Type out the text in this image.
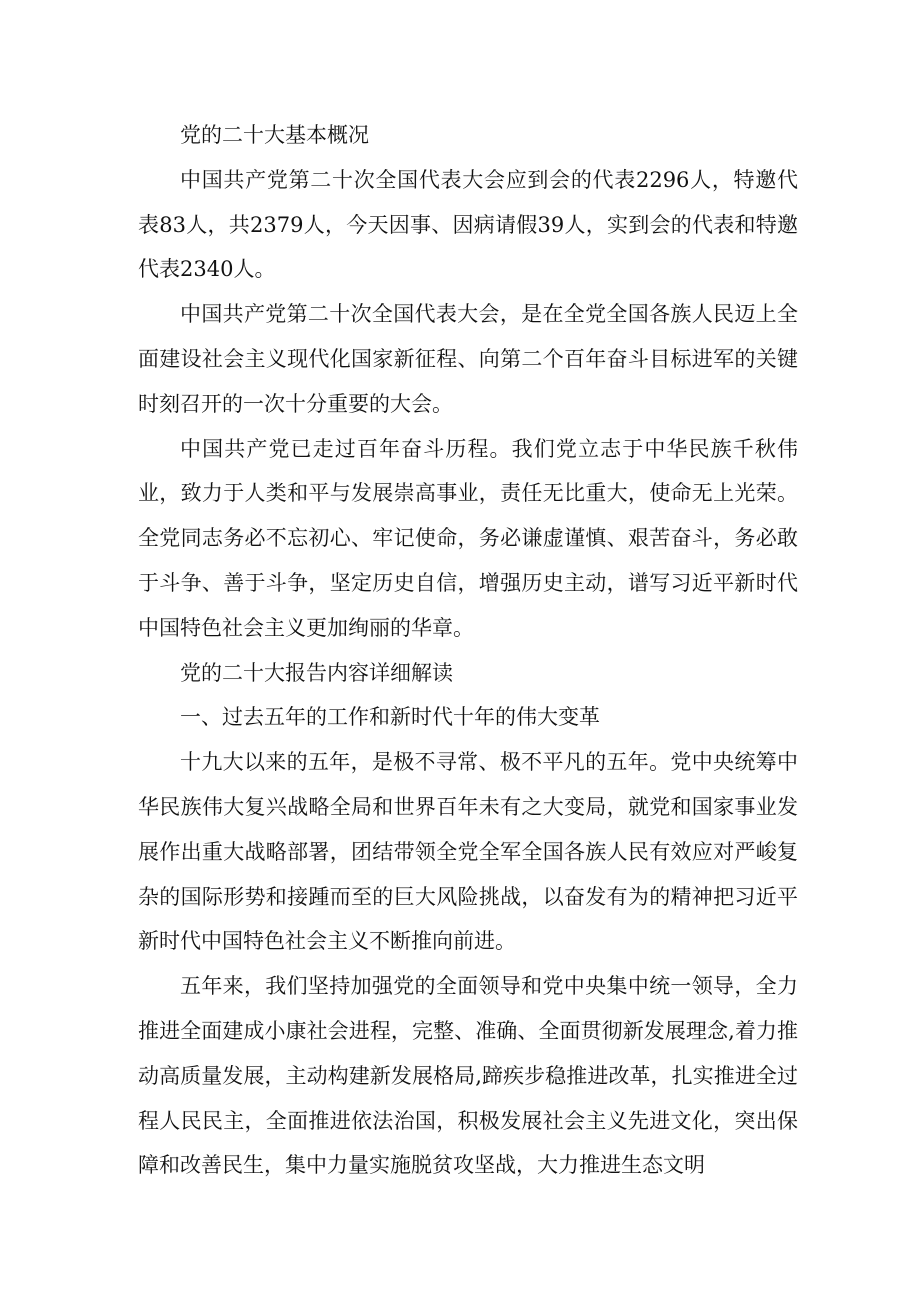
党的二十大基本概况

中国共产党第二十次全国代表大会应到会的代表2296人，特邀代表83人，共2379人，今天因事、因病请假39人，实到会的代表和特邀代表2340人。

中国共产党第二十次全国代表大会，是在全党全国各族人民迈上全面建设社会主义现代化国家新征程、向第二个百年奋斗目标进军的关键时刻召开的一次十分重要的大会。

中国共产党已走过百年奋斗历程。我们党立志于中华民族千秋伟业，致力于人类和平与发展崇高事业，责任无比重大，使命无上光荣。全党同志务必不忘初心、牢记使命，务必谦虚谨慎、艰苦奋斗，务必敢于斗争、善于斗争，坚定历史自信，增强历史主动，谱写习近平新时代中国特色社会主义更加绚丽的华章。

党的二十大报告内容详细解读

一、过去五年的工作和新时代十年的伟大变革

十九大以来的五年，是极不寻常、极不平凡的五年。党中央统筹中华民族伟大复兴战略全局和世界百年未有之大变局，就党和国家事业发展作出重大战略部署，团结带领全党全军全国各族人民有效应对严峻复杂的国际形势和接踵而至的巨大风险挑战，以奋发有为的精神把习近平新时代中国特色社会主义不断推向前进。

五年来，我们坚持加强党的全面领导和党中央集中统一领导，全力推进全面建成小康社会进程，完整、准确、全面贯彻新发展理念,着力推动高质量发展，主动构建新发展格局,蹄疾步稳推进改革，扎实推进全过程人民民主，全面推进依法治国，积极发展社会主义先进文化，突出保障和改善民生，集中力量实施脱贫攻坚战，大力推进生态文明
